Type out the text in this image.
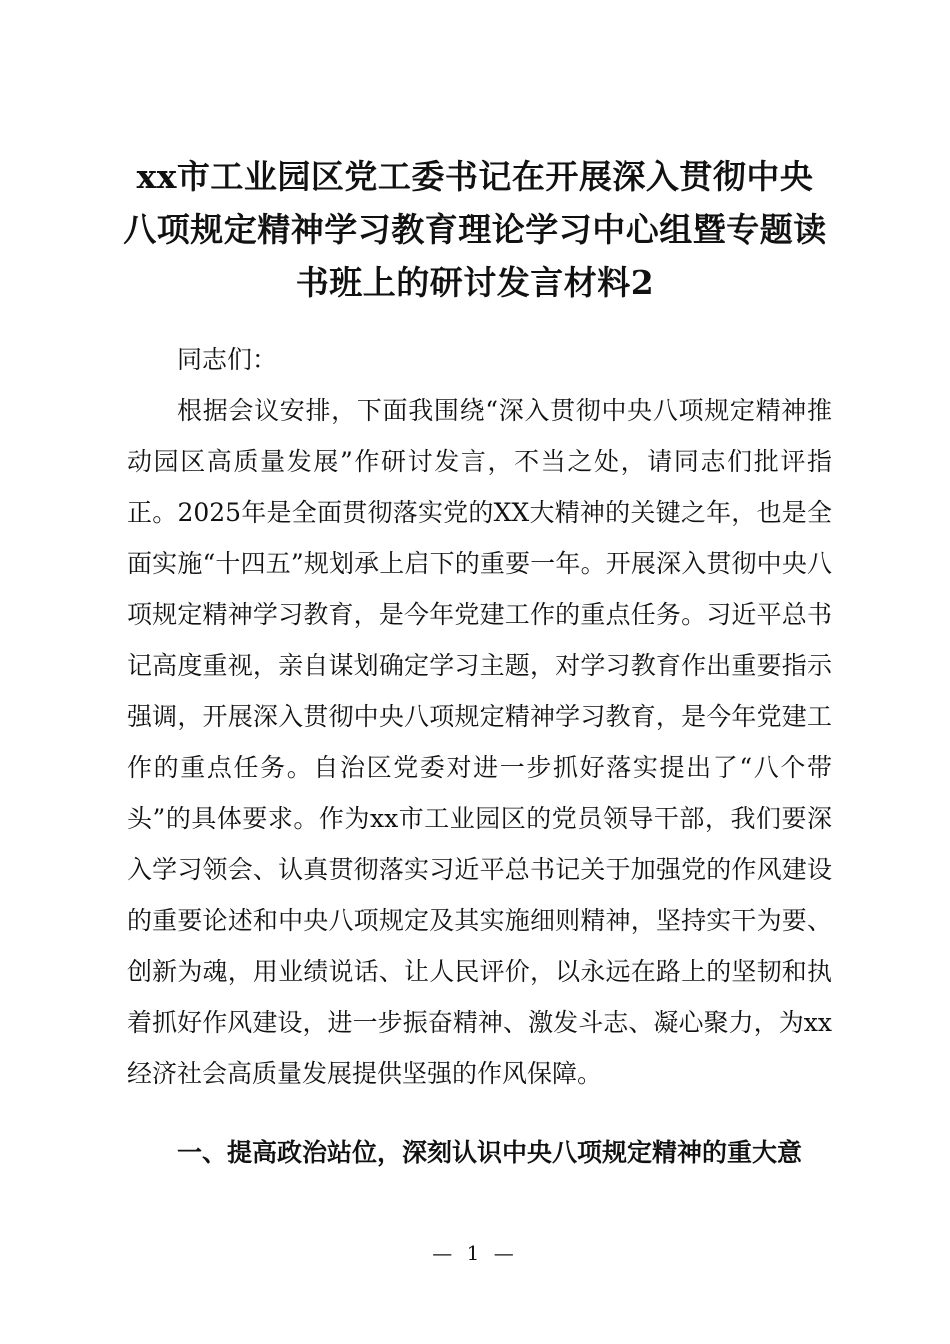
xx市工业园区党工委书记在开展深入贯彻中央八项规定精神学习教育理论学习中心组暨专题读书班上的研讨发言材料2

同志们：

根据会议安排，下面我围绕“深入贯彻中央八项规定精神推动园区高质量发展”作研讨发言，不当之处，请同志们批评指正。2025年是全面贯彻落实党的XX大精神的关键之年，也是全面实施“十四五”规划承上启下的重要一年。开展深入贯彻中央八项规定精神学习教育，是今年党建工作的重点任务。习近平总书记高度重视，亲自谋划确定学习主题，对学习教育作出重要指示强调，开展深入贯彻中央八项规定精神学习教育，是今年党建工作的重点任务。自治区党委对进一步抓好落实提出了“八个带头”的具体要求。作为xx市工业园区的党员领导干部，我们要深入学习领会、认真贯彻落实习近平总书记关于加强党的作风建设的重要论述和中央八项规定及其实施细则精神，坚持实干为要、创新为魂，用业绩说话、让人民评价，以永远在路上的坚韧和执着抓好作风建设，进一步振奋精神、激发斗志、凝心聚力，为xx经济社会高质量发展提供坚强的作风保障。

一、提高政治站位，深刻认识中央八项规定精神的重大意

— 1 —
